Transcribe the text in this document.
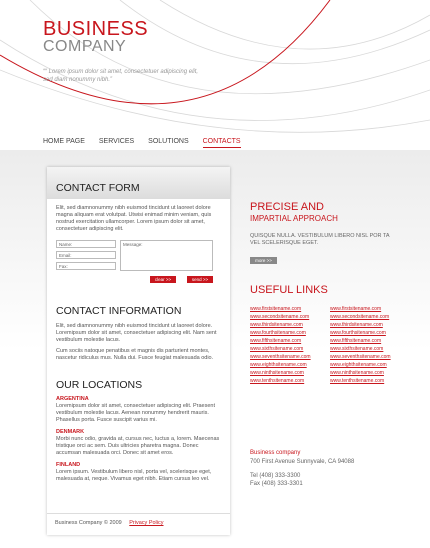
BUSINESS
COMPANY
““ Lorem ipsum dolor sit amet, consectetuer adipiscing elit, sed diam nonummy nibh.”
HOME PAGE SERVICES SOLUTIONS CONTACTS
CONTACT FORM
Elit, sed diamnonummy nibh euismod tincidunt ut laoreet dolore magna aliquam erat volutpat. Utwisi enimad minim veniam, quis nostrud exercitation ullamcorper. Lorem ipsum dolor sit amet, consectetuer adipiscing elit.
Name:
Email:
Fax:
Message:
clear >>	send >>
CONTACT INFORMATION
Elit, sed diamnonummy nibh euismod tincidunt ut laoreet dolore. Loremipsum dolor sit amet, consectetuer adipiscing elit. Nam sent vestibulum molestie lacus.
Cum sociis natoque penatibus et magnis dis parturient montes, nascetur ridiculus mus. Nulla dui. Fusce feugiat malesuada odio.
OUR LOCATIONS
ARGENTINA
Loremipsum dolor sit amet, consectetuer adipiscing elit. Praesent vestibulum molestie lacus. Aenean nonummy hendrerit mauris. Phasellus porta. Fusce suscipit varius mi.
DENMARK
Morbi nunc odio, gravida at, cursus nec, luctus a, lorem. Maecenas tristique orci ac sem. Duis ultricies pharetra magna. Donec accumsan malesuada orci. Donec sit amet eros.
FINLAND
Lorem ipsum. Vestibulum libero nisl, porta vel, scelerisque eget, malesuada at, neque. Vivamus eget nibh. Etiam cursus leo vel.
Business Company © 2009 Privacy Policy
PRECISE AND
IMPARTIAL APPROACH
QUISQUE NULLA. VESTIBULUM LIBERO NISL POR TA VEL SCELERISQUE EGET.
more >>
USEFUL LINKS
www.firstsitename.com
www.secondsitename.com
www.thirdsitename.com
www.fourthsitename.com
www.fifthsitename.com
www.sixthsitename.com
www.seventhsitename.com
www.eighthsitename.com
www.ninthsitename.com
www.tenthsitename.com
www.firstsitename.com
www.secondsitename.com
www.thirdsitename.com
www.fourthsitename.com
www.fifthsitename.com
www.sixthsitename.com
www.seventhsitename.com
www.eighthsitename.com
www.ninthsitename.com
www.tenthsitename.com
Business company
700 First Avenue Sunnyvale, CA 94088
Tel (408) 333-3300
Fax (408) 333-3301
